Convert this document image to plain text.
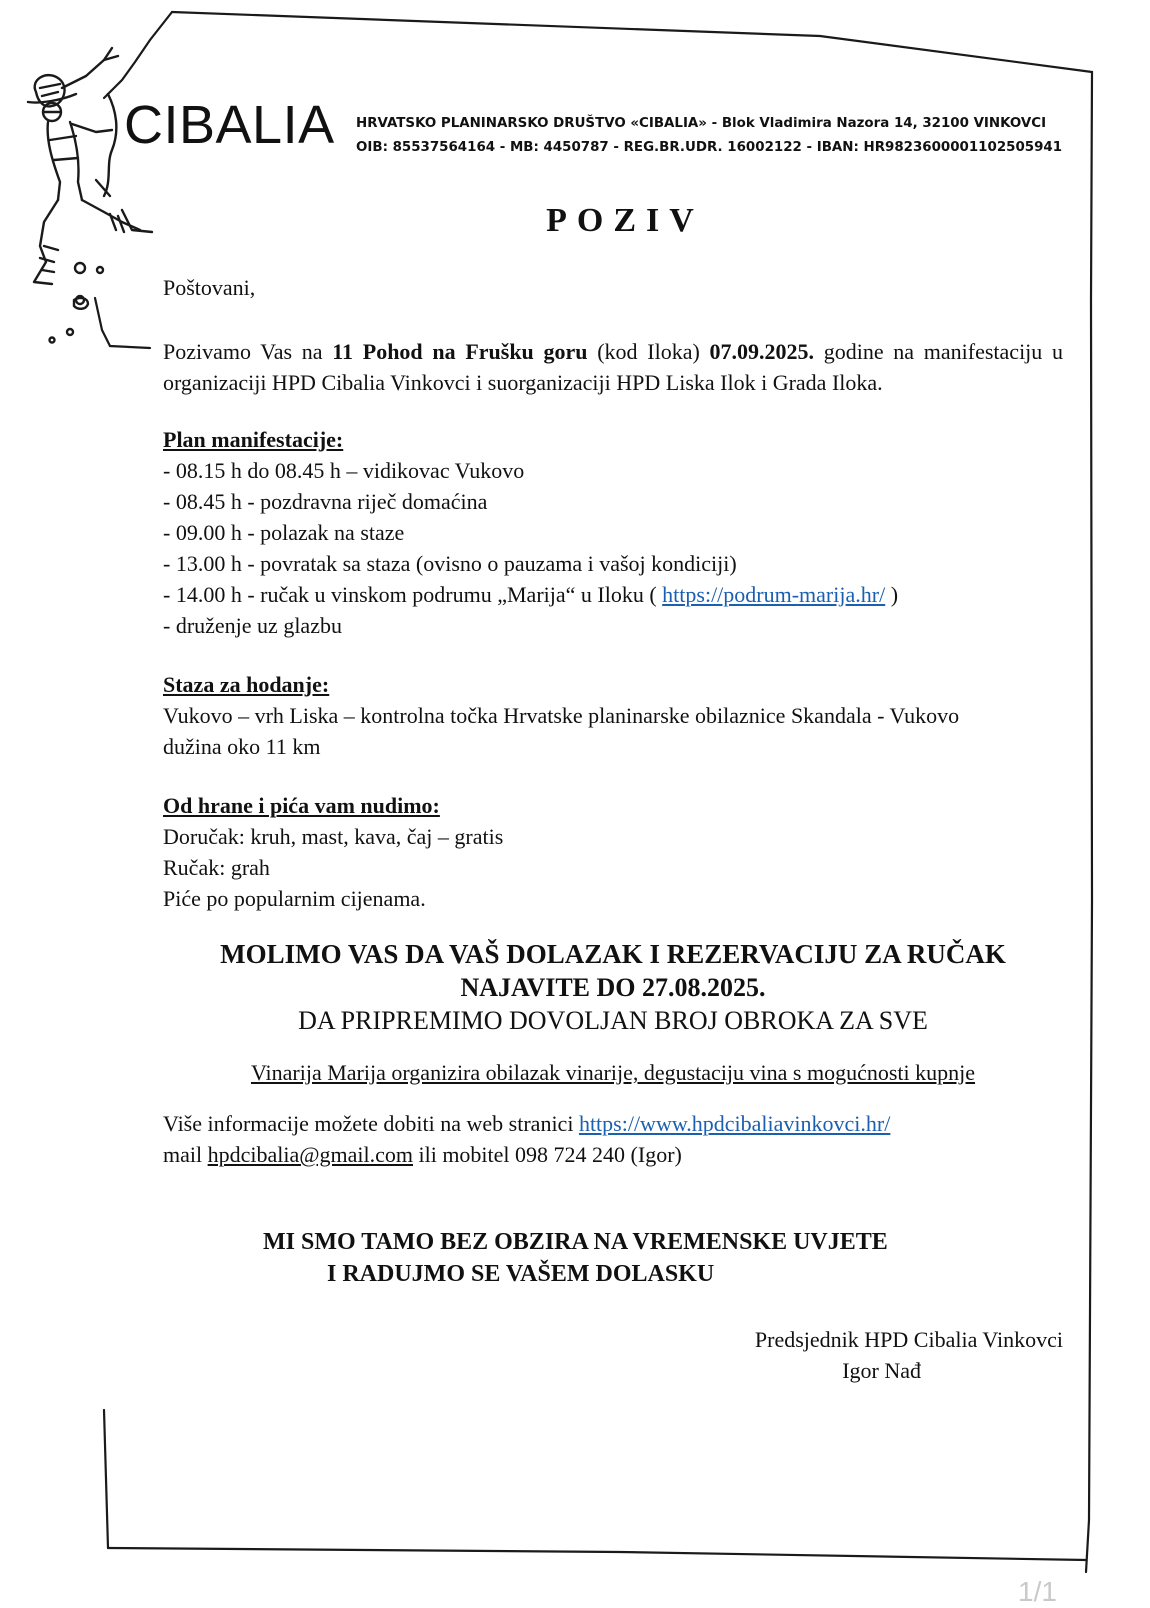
CIBALIA HRVATSKO PLANINARSKO DRUŠTVO «CIBALIA» - Blok Vladimira Nazora 14, 32100 VINKOVCI
OIB: 85537564164 - MB: 4450787 - REG.BR.UDR. 16002122 - IBAN: HR9823600001102505941
POZIV

Poštovani,

Pozivamo Vas na 11 Pohod na Frušku goru (kod Iloka) 07.09.2025. godine na manifestaciju u organizaciji HPD Cibalia Vinkovci i suorganizaciji HPD Liska Ilok i Grada Iloka.

Plan manifestacije:

- 08.15 h do 08.45 h – vidikovac Vukovo

- 08.45 h - pozdravna riječ domaćina

- 09.00 h - polazak na staze

- 13.00 h - povratak sa staza (ovisno o pauzama i vašoj kondiciji)

- 14.00 h - ručak u vinskom podrumu „Marija“ u Iloku ( https://podrum-marija.hr/ )

- druženje uz glazbu

Staza za hodanje:

Vukovo – vrh Liska – kontrolna točka Hrvatske planinarske obilaznice Skandala - Vukovo

dužina oko 11 km

Od hrane i pića vam nudimo:

Doručak: kruh, mast, kava, čaj – gratis

Ručak: grah

Piće po popularnim cijenama.

MOLIMO VAS DA VAŠ DOLAZAK I REZERVACIJU ZA RUČAK

NAJAVITE DO 27.08.2025.

DA PRIPREMIMO DOVOLJAN BROJ OBROKA ZA SVE

Vinarija Marija organizira obilazak vinarije, degustaciju vina s mogućnosti kupnje

Više informacije možete dobiti na web stranici https://www.hpdcibaliavinkovci.hr/
mail hpdcibalia@gmail.com ili mobitel 098 724 240 (Igor)

MI SMO TAMO BEZ OBZIRA NA VREMENSKE UVJETE

I RADUJMO SE VAŠEM DOLASKU

Predsjednik HPD Cibalia Vinkovci

Igor Nađ

1/1
